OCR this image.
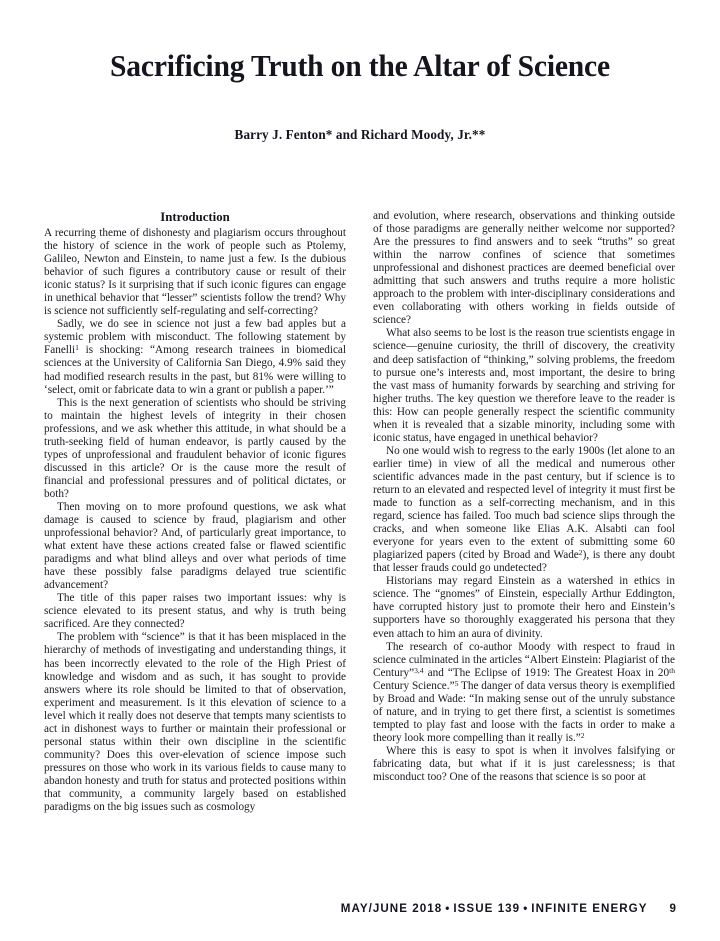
Sacrificing Truth on the Altar of Science

Barry J. Fenton* and Richard Moody, Jr.**

Introduction

A recurring theme of dishonesty and plagiarism occurs throughout the history of science in the work of people such as Ptolemy, Galileo, Newton and Einstein, to name just a few. Is the dubious behavior of such figures a contributory cause or result of their iconic status? Is it surprising that if such iconic figures can engage in unethical behavior that “lesser” scientists follow the trend? Why is science not sufficiently self-regulating and self-correcting?

Sadly, we do see in science not just a few bad apples but a systemic problem with misconduct. The following statement by Fanelli$^1$ is shocking: “Among research trainees in biomedical sciences at the University of California San Diego, 4.9% said they had modified research results in the past, but 81% were willing to ‘select, omit or fabricate data to win a grant or publish a paper.’”

This is the next generation of scientists who should be striving to maintain the highest levels of integrity in their chosen professions, and we ask whether this attitude, in what should be a truth-seeking field of human endeavor, is partly caused by the types of unprofessional and fraudulent behavior of iconic figures discussed in this article? Or is the cause more the result of financial and professional pressures and of political dictates, or both?

Then moving on to more profound questions, we ask what damage is caused to science by fraud, plagiarism and other unprofessional behavior? And, of particularly great importance, to what extent have these actions created false or flawed scientific paradigms and what blind alleys and over what periods of time have these possibly false paradigms delayed true scientific advancement?

The title of this paper raises two important issues: why is science elevated to its present status, and why is truth being sacrificed. Are they connected?

The problem with “science” is that it has been misplaced in the hierarchy of methods of investigating and understanding things, it has been incorrectly elevated to the role of the High Priest of knowledge and wisdom and as such, it has sought to provide answers where its role should be limited to that of observation, experiment and measurement. Is it this elevation of science to a level which it really does not deserve that tempts many scientists to act in dishonest ways to further or maintain their professional or personal status within their own discipline in the scientific community? Does this over-elevation of science impose such pressures on those who work in its various fields to cause many to abandon honesty and truth for status and protected positions within that community, a community largely based on established paradigms on the big issues such as cosmology

and evolution, where research, observations and thinking outside of those paradigms are generally neither welcome nor supported? Are the pressures to find answers and to seek “truths” so great within the narrow confines of science that sometimes unprofessional and dishonest practices are deemed beneficial over admitting that such answers and truths require a more holistic approach to the problem with inter-disciplinary considerations and even collaborating with others working in fields outside of science?

What also seems to be lost is the reason true scientists engage in science—genuine curiosity, the thrill of discovery, the creativity and deep satisfaction of “thinking,” solving problems, the freedom to pursue one’s interests and, most important, the desire to bring the vast mass of humanity forwards by searching and striving for higher truths. The key question we therefore leave to the reader is this: How can people generally respect the scientific community when it is revealed that a sizable minority, including some with iconic status, have engaged in unethical behavior?

No one would wish to regress to the early 1900s (let alone to an earlier time) in view of all the medical and numerous other scientific advances made in the past century, but if science is to return to an elevated and respected level of integrity it must first be made to function as a self-correcting mechanism, and in this regard, science has failed. Too much bad science slips through the cracks, and when someone like Elias A.K. Alsabti can fool everyone for years even to the extent of submitting some 60 plagiarized papers (cited by Broad and Wade$^2$), is there any doubt that lesser frauds could go undetected?

Historians may regard Einstein as a watershed in ethics in science. The “gnomes” of Einstein, especially Arthur Eddington, have corrupted history just to promote their hero and Einstein’s supporters have so thoroughly exaggerated his persona that they even attach to him an aura of divinity.

The research of co-author Moody with respect to fraud in science culminated in the articles “Albert Einstein: Plagiarist of the Century”$^{3,4}$ and “The Eclipse of 1919: The Greatest Hoax in 20th Century Science.”$^5$ The danger of data versus theory is exemplified by Broad and Wade: “In making sense out of the unruly substance of nature, and in trying to get there first, a scientist is sometimes tempted to play fast and loose with the facts in order to make a theory look more compelling than it really is.”$^2$

Where this is easy to spot is when it involves falsifying or fabricating data, but what if it is just carelessness; is that misconduct too? One of the reasons that science is so poor at

MAY/JUNE 2018 • ISSUE 139 • INFINITE ENERGY 9
